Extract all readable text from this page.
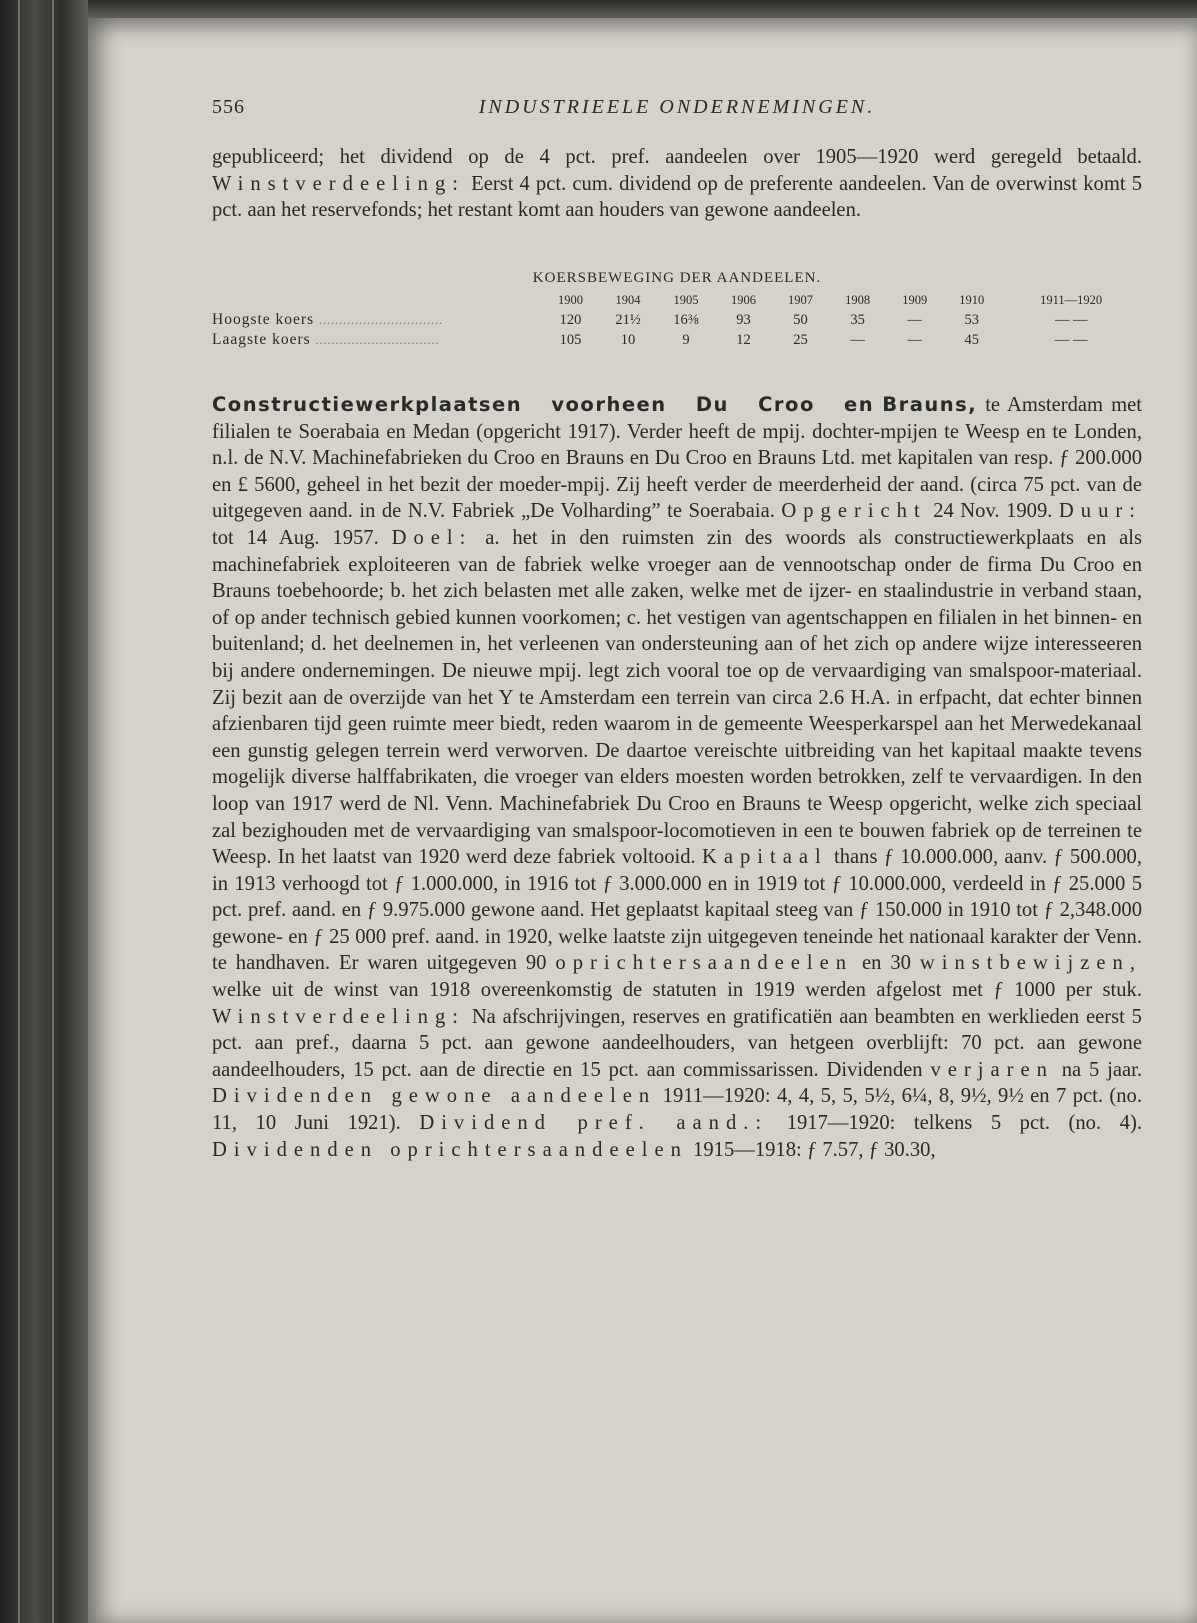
556	INDUSTRIEELE ONDERNEMINGEN.
gepubliceerd; het dividend op de 4 pct. pref. aandeelen over 1905—1920 werd geregeld betaald. Winstverdeeling: Eerst 4 pct. cum. dividend op de preferente aandeelen. Van de overwinst komt 5 pct. aan het reservefonds; het restant komt aan houders van gewone aandeelen.
KOERSBEWEGING DER AANDEELEN.
	1900	1904	1905	1906	1907	1908	1909	1910	1911—1920
Hoogste koers ...............................	120	21½	16⅜	93	50	35	—	53	— —
Laagste koers ...............................	105	10	9	12	25	—	—	45	— —
Constructiewerkplaatsen voorheen Du Croo en Brauns, te Amsterdam met filialen te Soerabaia en Medan (opgericht 1917). Verder heeft de mpij. dochter-mpijen te Weesp en te Londen, n.l. de N.V. Machinefabrieken du Croo en Brauns en Du Croo en Brauns Ltd. met kapitalen van resp. ƒ 200.000 en £ 5600, geheel in het bezit der moeder-mpij. Zij heeft verder de meerderheid der aand. (circa 75 pct. van de uitgegeven aand. in de N.V. Fabriek „De Volharding” te Soerabaia. Opgericht 24 Nov. 1909. Duur: tot 14 Aug. 1957. Doel: a. het in den ruimsten zin des woords als constructiewerkplaats en als machinefabriek exploiteeren van de fabriek welke vroeger aan de vennootschap onder de firma Du Croo en Brauns toebehoorde; b. het zich belasten met alle zaken, welke met de ijzer- en staalindustrie in verband staan, of op ander technisch gebied kunnen voorkomen; c. het vestigen van agentschappen en filialen in het binnen- en buitenland; d. het deelnemen in, het verleenen van ondersteuning aan of het zich op andere wijze interesseeren bij andere ondernemingen. De nieuwe mpij. legt zich vooral toe op de vervaardiging van smalspoor-materiaal. Zij bezit aan de overzijde van het Y te Amsterdam een terrein van circa 2.6 H.A. in erfpacht, dat echter binnen afzienbaren tijd geen ruimte meer biedt, reden waarom in de gemeente Weesperkarspel aan het Merwedekanaal een gunstig gelegen terrein werd verworven. De daartoe vereischte uitbreiding van het kapitaal maakte tevens mogelijk diverse halffabrikaten, die vroeger van elders moesten worden betrokken, zelf te vervaardigen. In den loop van 1917 werd de Nl. Venn. Machinefabriek Du Croo en Brauns te Weesp opgericht, welke zich speciaal zal bezighouden met de vervaardiging van smalspoor-locomotieven in een te bouwen fabriek op de terreinen te Weesp. In het laatst van 1920 werd deze fabriek voltooid. Kapitaal thans ƒ 10.000.000, aanv. ƒ 500.000, in 1913 verhoogd tot ƒ 1.000.000, in 1916 tot ƒ 3.000.000 en in 1919 tot ƒ 10.000.000, verdeeld in ƒ 25.000 5 pct. pref. aand. en ƒ 9.975.000 gewone aand. Het geplaatst kapitaal steeg van ƒ 150.000 in 1910 tot ƒ 2,348.000 gewone- en ƒ 25 000 pref. aand. in 1920, welke laatste zijn uitgegeven teneinde het nationaal karakter der Venn. te handhaven. Er waren uitgegeven 90 oprichtersaandeelen en 30 winstbewijzen, welke uit de winst van 1918 overeenkomstig de statuten in 1919 werden afgelost met ƒ 1000 per stuk. Winstverdeeling: Na afschrijvingen, reserves en gratificatiën aan beambten en werklieden eerst 5 pct. aan pref., daarna 5 pct. aan gewone aandeelhouders, van hetgeen overblijft: 70 pct. aan gewone aandeelhouders, 15 pct. aan de directie en 15 pct. aan commissarissen. Dividenden verjaren na 5 jaar. Dividenden gewone aandeelen 1911—1920: 4, 4, 5, 5, 5½, 6¼, 8, 9½, 9½ en 7 pct. (no. 11, 10 Juni 1921). Dividend pref. aand.: 1917—1920: telkens 5 pct. (no. 4). Dividenden oprichtersaandeelen 1915—1918: ƒ 7.57, ƒ 30.30,
